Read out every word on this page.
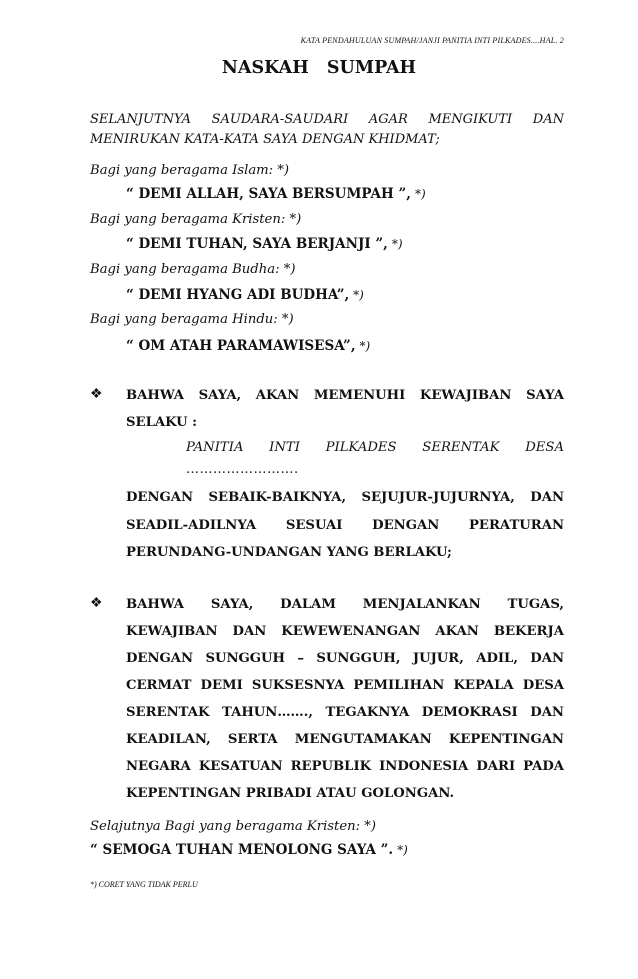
KATA PENDAHULUAN SUMPAH/JANJI PANITIA INTI PILKADES....HAL. 2
NASKAH SUMPAH
SELANJUTNYA SAUDARA-SAUDARI AGAR MENGIKUTI DAN
MENIRUKAN KATA-KATA SAYA DENGAN KHIDMAT;
Bagi yang beragama Islam: *)
“ DEMI ALLAH, SAYA BERSUMPAH ”, *)
Bagi yang beragama Kristen: *)
“ DEMI TUHAN, SAYA BERJANJI ”, *)
Bagi yang beragama Budha: *)
“ DEMI HYANG ADI BUDHA”, *)
Bagi yang beragama Hindu: *)
“ OM ATAH PARAMAWISESA”, *)
❖ BAHWA SAYA, AKAN MEMENUHI KEWAJIBAN SAYA
SELAKU :
PANITIA INTI PILKADES SERENTAK DESA
…………………….
DENGAN SEBAIK-BAIKNYA, SEJUJUR-JUJURNYA, DAN
SEADIL-ADILNYA SESUAI DENGAN PERATURAN
PERUNDANG-UNDANGAN YANG BERLAKU;
❖ BAHWA SAYA, DALAM MENJALANKAN TUGAS,
KEWAJIBAN DAN KEWEWENANGAN AKAN BEKERJA
DENGAN SUNGGUH – SUNGGUH, JUJUR, ADIL, DAN
CERMAT DEMI SUKSESNYA PEMILIHAN KEPALA DESA
SERENTAK TAHUN……., TEGAKNYA DEMOKRASI DAN
KEADILAN, SERTA MENGUTAMAKAN KEPENTINGAN
NEGARA KESATUAN REPUBLIK INDONESIA DARI PADA
KEPENTINGAN PRIBADI ATAU GOLONGAN.
Selajutnya Bagi yang beragama Kristen: *)
“ SEMOGA TUHAN MENOLONG SAYA ”. *)
*) CORET YANG TIDAK PERLU
